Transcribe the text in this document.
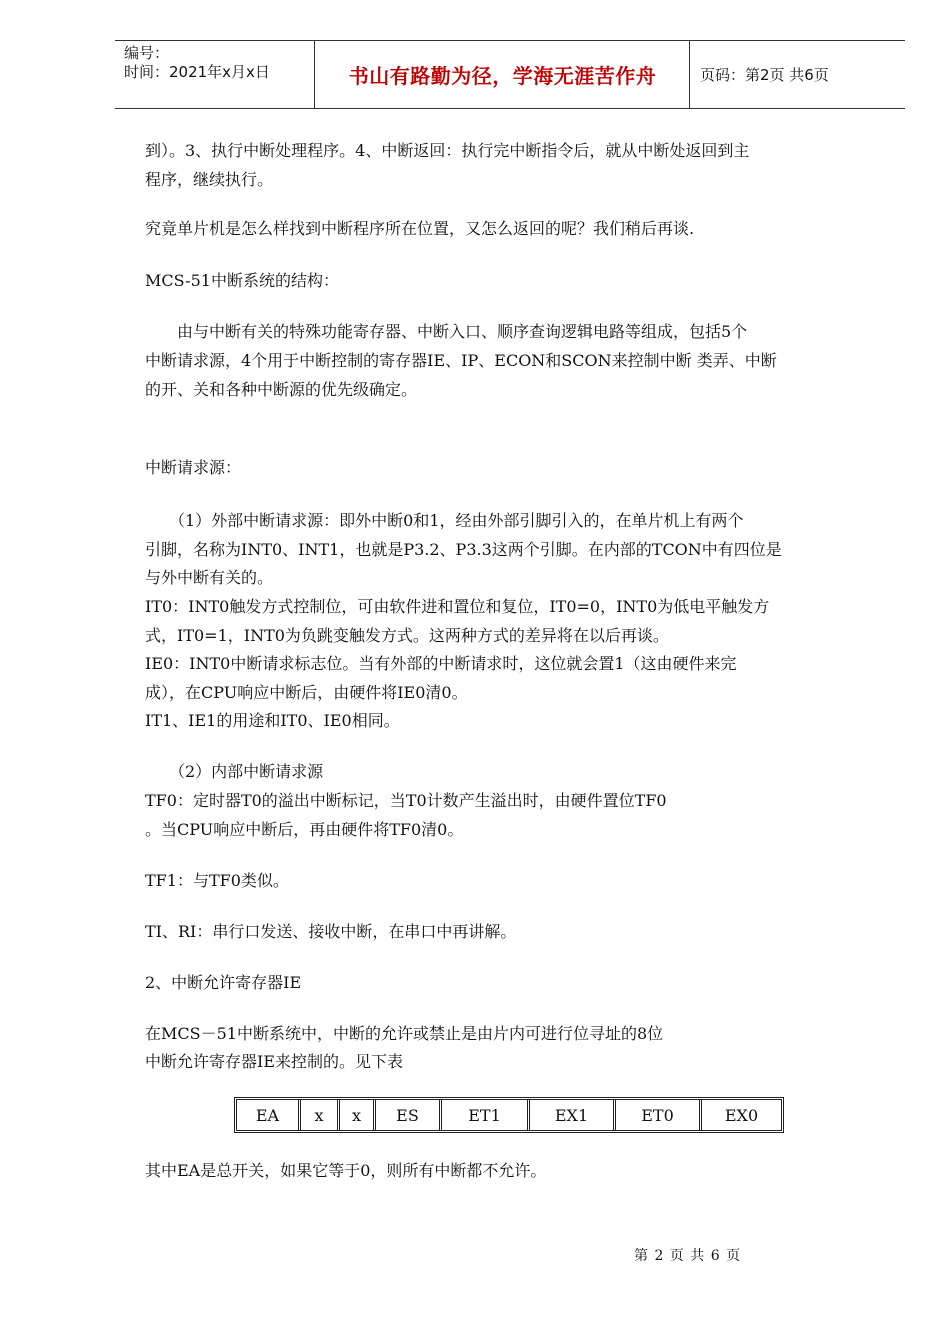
编号：
时间：2021年x月x日	书山有路勤为径，学海无涯苦作舟	页码：第2页 共6页

到）。3、执行中断处理程序。4、中断返回：执行完中断指令后，就从中断处返回到主

程序，继续执行。

究竟单片机是怎么样找到中断程序所在位置，又怎么返回的呢？我们稍后再谈.

MCS-51中断系统的结构：

　　由与中断有关的特殊功能寄存器、中断入口、顺序查询逻辑电路等组成，包括5个

中断请求源，4个用于中断控制的寄存器IE、IP、ECON和SCON来控制中断 类弄、中断

的开、关和各种中断源的优先级确定。

中断请求源：

　　（1）外部中断请求源：即外中断0和1，经由外部引脚引入的，在单片机上有两个

引脚，名称为INT0、INT1，也就是P3.2、P3.3这两个引脚。在内部的TCON中有四位是

与外中断有关的。

IT0：INT0触发方式控制位，可由软件进和置位和复位，IT0=0，INT0为低电平触发方

式，IT0=1，INT0为负跳变触发方式。这两种方式的差异将在以后再谈。

IE0：INT0中断请求标志位。当有外部的中断请求时，这位就会置1（这由硬件来完

成），在CPU响应中断后，由硬件将IE0清0。

IT1、IE1的用途和IT0、IE0相同。

　　（2）内部中断请求源

TF0：定时器T0的溢出中断标记，当T0计数产生溢出时，由硬件置位TF0

。当CPU响应中断后，再由硬件将TF0清0。

TF1：与TF0类似。

TI、RI：串行口发送、接收中断，在串口中再讲解。

2、中断允许寄存器IE

在MCS－51中断系统中，中断的允许或禁止是由片内可进行位寻址的8位

中断允许寄存器IE来控制的。见下表

EA	x	x	ES	ET1	EX1	ET0	EX0

其中EA是总开关，如果它等于0，则所有中断都不允许。

第 2 页 共 6 页
